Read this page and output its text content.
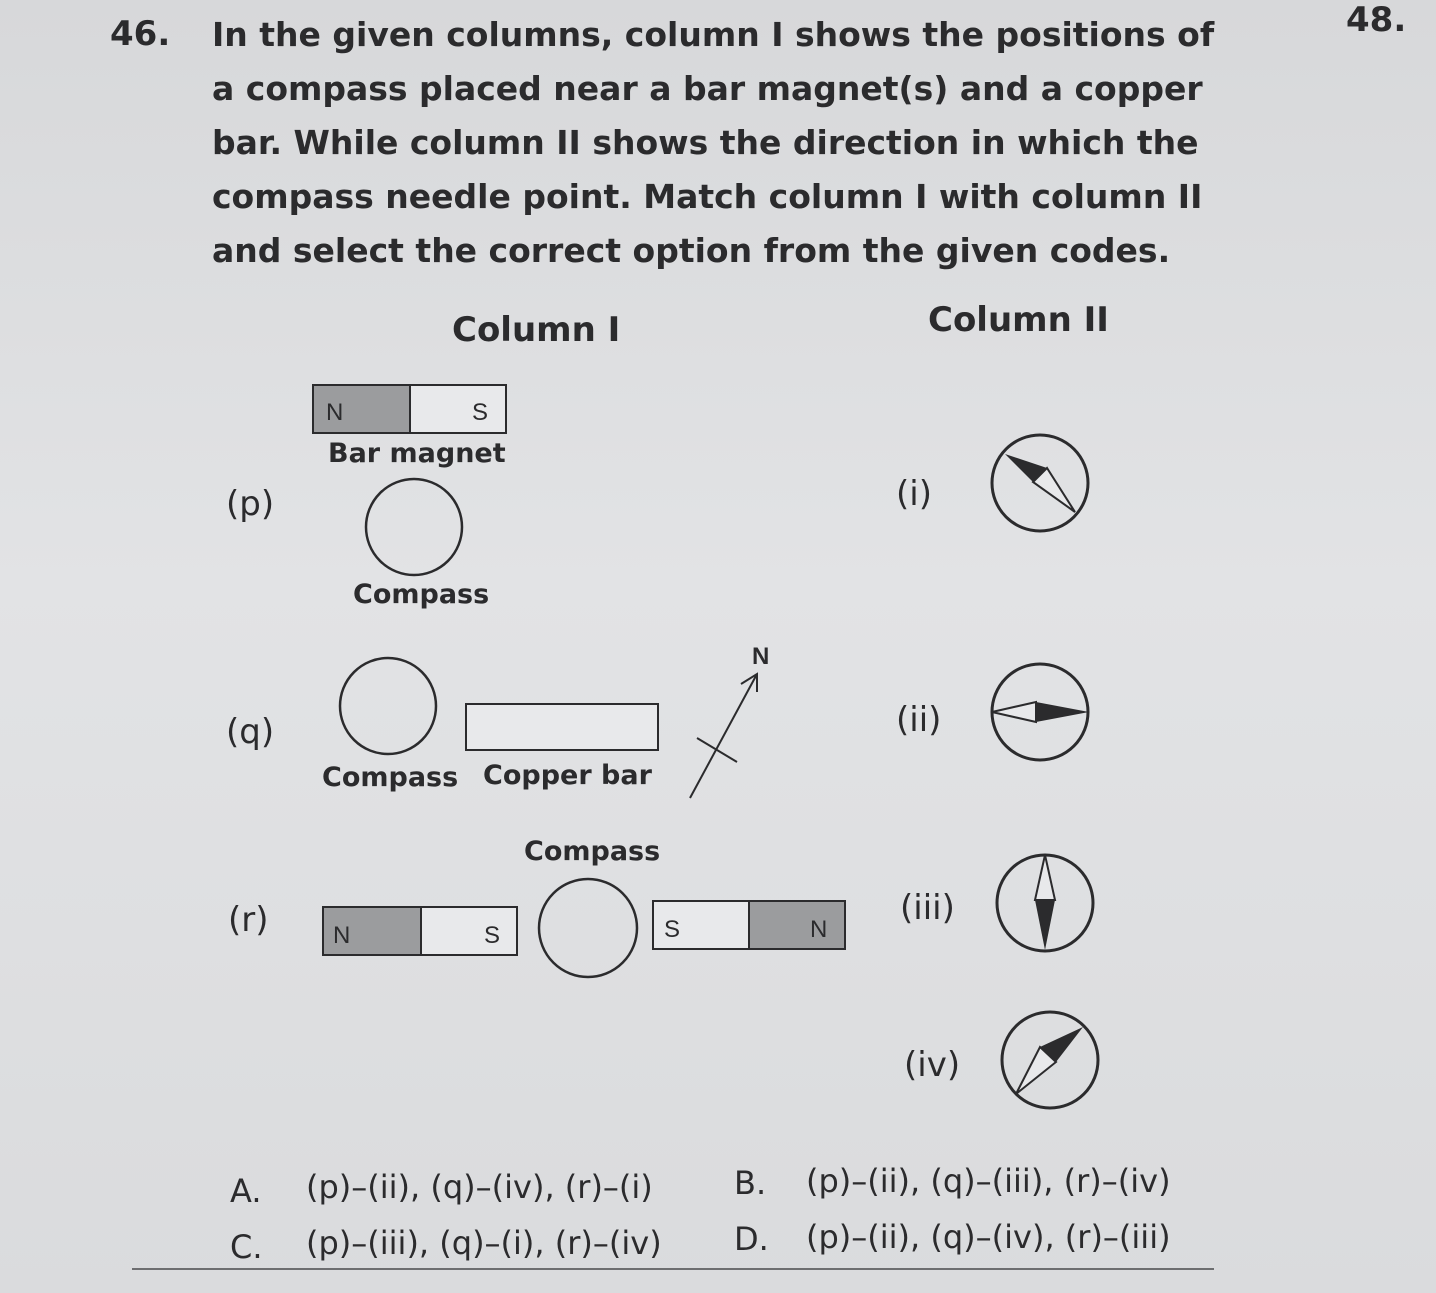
46.	48.
In the given columns, column I shows the positions of
a compass placed near a bar magnet(s) and a copper
bar. While column II shows the direction in which the
compass needle point. Match column I with column II
and select the correct option from the given codes.
Column I	Column II
N	S
N
N	S	S	N
(p)
Bar magnet
Compass
(q)
Compass Copper bar
(r)
Compass
(i)
(ii)
(iii)
(iv)
A. (p)–(ii), (q)–(iv), (r)–(i)	B. (p)–(ii), (q)–(iii), (r)–(iv)
C. (p)–(iii), (q)–(i), (r)–(iv) D. (p)–(ii), (q)–(iv), (r)–(iii)
